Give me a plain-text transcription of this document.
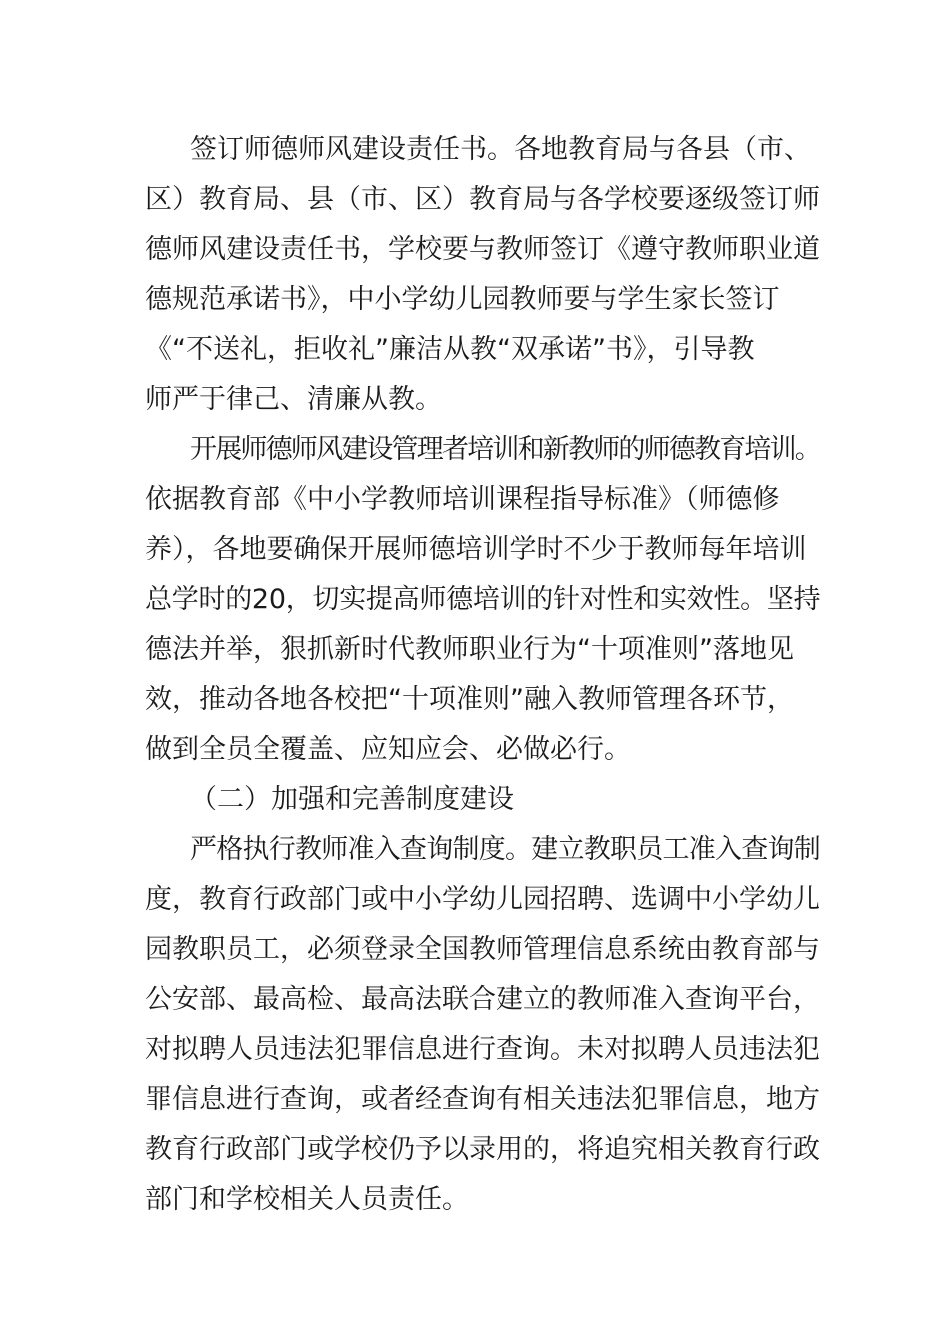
签订师德师风建设责任书。各地教育局与各县（市、
区）教育局、县（市、区）教育局与各学校要逐级签订师
德师风建设责任书，学校要与教师签订《遵守教师职业道
德规范承诺书》，中小学幼儿园教师要与学生家长签订
《“不送礼，拒收礼”廉洁从教“双承诺”书》，引导教
师严于律己、清廉从教。
开展师德师风建设管理者培训和新教师的师德教育培训。
依据教育部《中小学教师培训课程指导标准》（师德修
养），各地要确保开展师德培训学时不少于教师每年培训
总学时的20，切实提高师德培训的针对性和实效性。坚持
德法并举，狠抓新时代教师职业行为“十项准则”落地见
效，推动各地各校把“十项准则”融入教师管理各环节，
做到全员全覆盖、应知应会、必做必行。
（二）加强和完善制度建设
严格执行教师准入查询制度。建立教职员工准入查询制
度，教育行政部门或中小学幼儿园招聘、选调中小学幼儿
园教职员工，必须登录全国教师管理信息系统由教育部与
公安部、最高检、最高法联合建立的教师准入查询平台，
对拟聘人员违法犯罪信息进行查询。未对拟聘人员违法犯
罪信息进行查询，或者经查询有相关违法犯罪信息，地方
教育行政部门或学校仍予以录用的，将追究相关教育行政
部门和学校相关人员责任。
